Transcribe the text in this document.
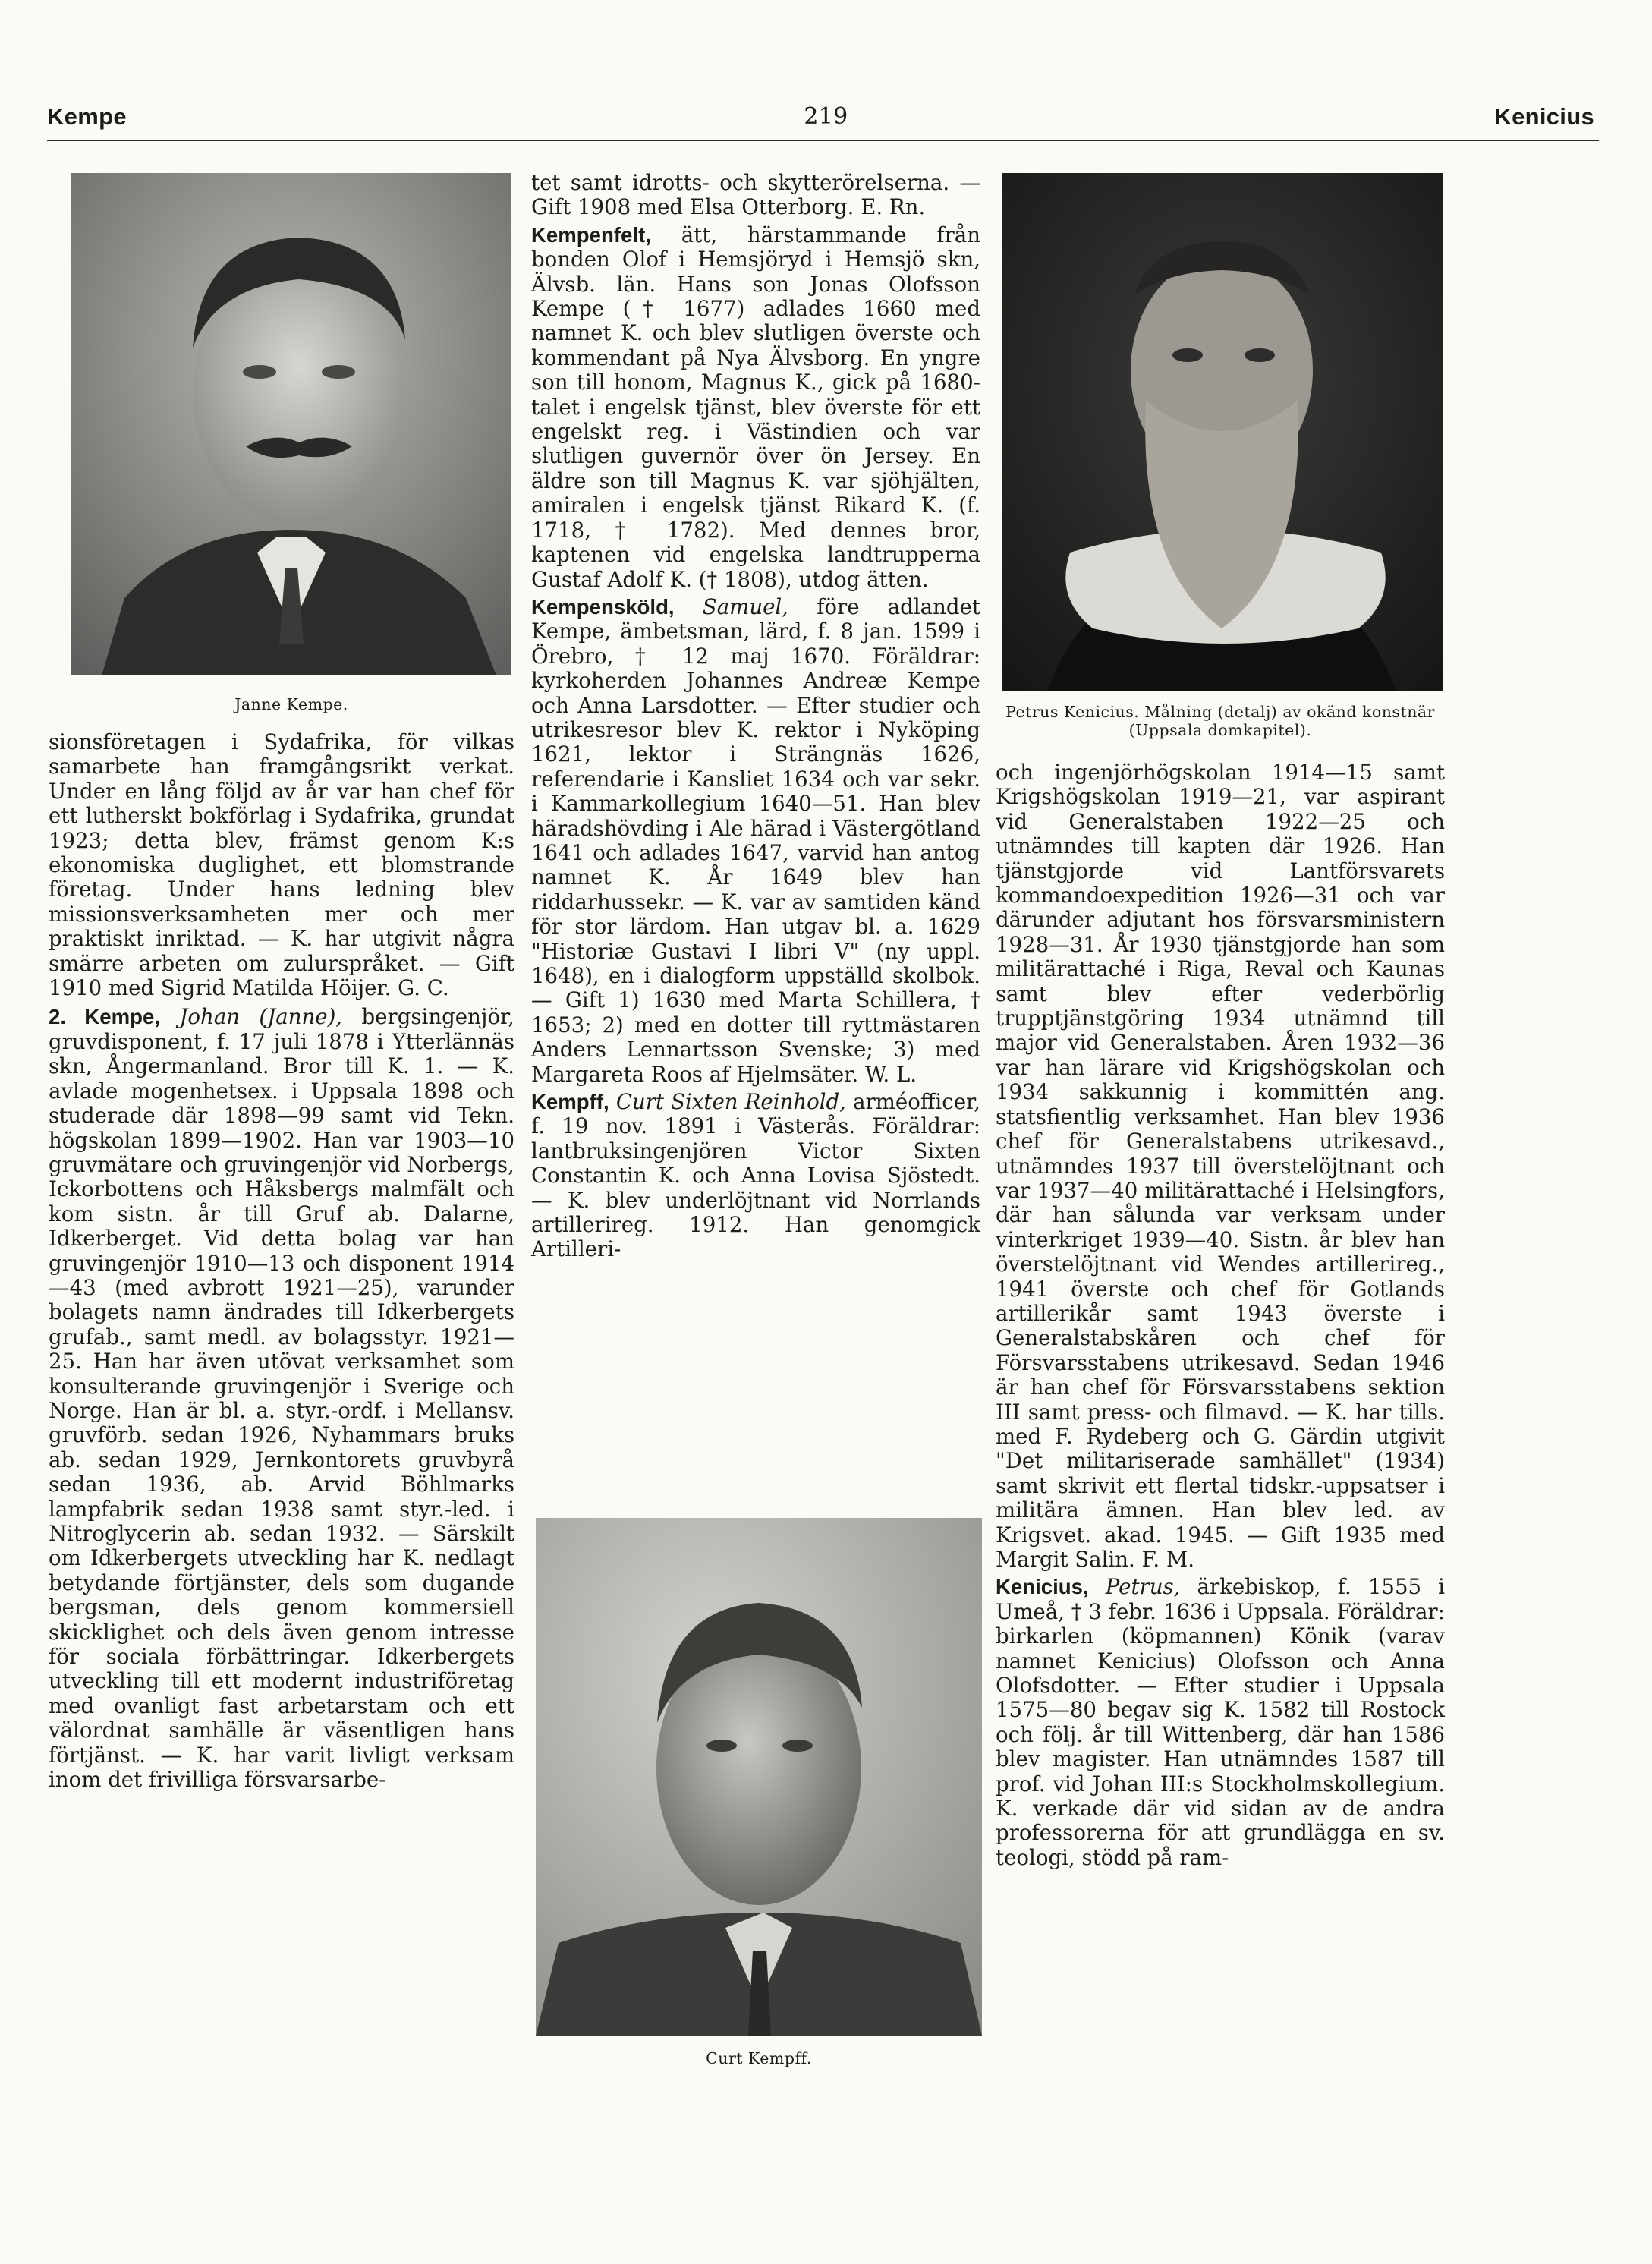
Kempe	219	Kenicius
Janne Kempe.	Petrus Kenicius. Målning (detalj) av okänd konstnär (Uppsala domkapitel).
Curt Kempff.

sionsföretagen i Sydafrika, för vilkas samarbete han framgångsrikt verkat. Under en lång följd av år var han chef för ett lutherskt bokförlag i Sydafrika, grundat 1923; detta blev, främst genom K:s ekonomiska duglighet, ett blomstrande företag. Under hans ledning blev missionsverksamheten mer och mer praktiskt inriktad. — K. har utgivit några smärre arbeten om zulurspråket. — Gift 1910 med Sigrid Matilda Höijer. G. C.

2. Kempe, Johan (Janne), bergsingenjör, gruvdisponent, f. 17 juli 1878 i Ytterlännäs skn, Ångermanland. Bror till K. 1. — K. avlade mogenhetsex. i Uppsala 1898 och studerade där 1898—99 samt vid Tekn. högskolan 1899—1902. Han var 1903—10 gruvmätare och gruvingenjör vid Norbergs, Ickorbottens och Håksbergs malmfält och kom sistn. år till Gruf ab. Dalarne, Idkerberget. Vid detta bolag var han gruvingenjör 1910—13 och disponent 1914—43 (med avbrott 1921—25), varunder bolagets namn ändrades till Idkerbergets grufab., samt medl. av bolagsstyr. 1921—25. Han har även utövat verksamhet som konsulterande gruvingenjör i Sverige och Norge. Han är bl. a. styr.-ordf. i Mellansv. gruvförb. sedan 1926, Nyhammars bruks ab. sedan 1929, Jernkontorets gruvbyrå sedan 1936, ab. Arvid Böhlmarks lampfabrik sedan 1938 samt styr.-led. i Nitroglycerin ab. sedan 1932. — Särskilt om Idkerbergets utveckling har K. nedlagt betydande förtjänster, dels som dugande bergsman, dels genom kommersiell skicklighet och dels även genom intresse för sociala förbättringar. Idkerbergets utveckling till ett modernt industriföretag med ovanligt fast arbetarstam och ett välordnat samhälle är väsentligen hans förtjänst. — K. har varit livligt verksam inom det frivilliga försvarsarbe-

tet samt idrotts- och skytterörelserna. — Gift 1908 med Elsa Otterborg. E. Rn.

Kempenfelt, ätt, härstammande från bonden Olof i Hemsjöryd i Hemsjö skn, Älvsb. län. Hans son Jonas Olofsson Kempe († 1677) adlades 1660 med namnet K. och blev slutligen överste och kommendant på Nya Älvsborg. En yngre son till honom, Magnus K., gick på 1680-talet i engelsk tjänst, blev överste för ett engelskt reg. i Västindien och var slutligen guvernör över ön Jersey. En äldre son till Magnus K. var sjöhjälten, amiralen i engelsk tjänst Rikard K. (f. 1718, † 1782). Med dennes bror, kaptenen vid engelska landtrupperna Gustaf Adolf K. († 1808), utdog ätten.

Kempensköld, Samuel, före adlandet Kempe, ämbetsman, lärd, f. 8 jan. 1599 i Örebro, † 12 maj 1670. Föräldrar: kyrkoherden Johannes Andreæ Kempe och Anna Larsdotter. — Efter studier och utrikesresor blev K. rektor i Nyköping 1621, lektor i Strängnäs 1626, referendarie i Kansliet 1634 och var sekr. i Kammarkollegium 1640—51. Han blev häradshövding i Ale härad i Västergötland 1641 och adlades 1647, varvid han antog namnet K. År 1649 blev han riddarhussekr. — K. var av samtiden känd för stor lärdom. Han utgav bl. a. 1629 "Historiæ Gustavi I libri V" (ny uppl. 1648), en i dialogform uppställd skolbok. — Gift 1) 1630 med Marta Schillera, † 1653; 2) med en dotter till ryttmästaren Anders Lennartsson Svenske; 3) med Margareta Roos af Hjelmsäter. W. L.

Kempff, Curt Sixten Reinhold, arméofficer, f. 19 nov. 1891 i Västerås. Föräldrar: lantbruksingenjören Victor Sixten Constantin K. och Anna Lovisa Sjöstedt. — K. blev underlöjtnant vid Norrlands artillerireg. 1912. Han genomgick Artilleri-

och ingenjörhögskolan 1914—15 samt Krigshögskolan 1919—21, var aspirant vid Generalstaben 1922—25 och utnämndes till kapten där 1926. Han tjänstgjorde vid Lantförsvarets kommandoexpedition 1926—31 och var därunder adjutant hos försvarsministern 1928—31. År 1930 tjänstgjorde han som militärattaché i Riga, Reval och Kaunas samt blev efter vederbörlig trupptjänstgöring 1934 utnämnd till major vid Generalstaben. Åren 1932—36 var han lärare vid Krigshögskolan och 1934 sakkunnig i kommittén ang. statsfientlig verksamhet. Han blev 1936 chef för Generalstabens utrikesavd., utnämndes 1937 till överstelöjtnant och var 1937—40 militärattaché i Helsingfors, där han sålunda var verksam under vinterkriget 1939—40. Sistn. år blev han överstelöjtnant vid Wendes artillerireg., 1941 överste och chef för Gotlands artillerikår samt 1943 överste i Generalstabskåren och chef för Försvarsstabens utrikesavd. Sedan 1946 är han chef för Försvarsstabens sektion III samt press- och filmavd. — K. har tills. med F. Rydeberg och G. Gärdin utgivit "Det militariserade samhället" (1934) samt skrivit ett flertal tidskr.-uppsatser i militära ämnen. Han blev led. av Krigsvet. akad. 1945. — Gift 1935 med Margit Salin. F. M.

Kenicius, Petrus, ärkebiskop, f. 1555 i Umeå, † 3 febr. 1636 i Uppsala. Föräldrar: birkarlen (köpmannen) Könik (varav namnet Kenicius) Olofsson och Anna Olofsdotter. — Efter studier i Uppsala 1575—80 begav sig K. 1582 till Rostock och följ. år till Wittenberg, där han 1586 blev magister. Han utnämndes 1587 till prof. vid Johan III:s Stockholmskollegium. K. verkade där vid sidan av de andra professorerna för att grundlägga en sv. teologi, stödd på ram-
